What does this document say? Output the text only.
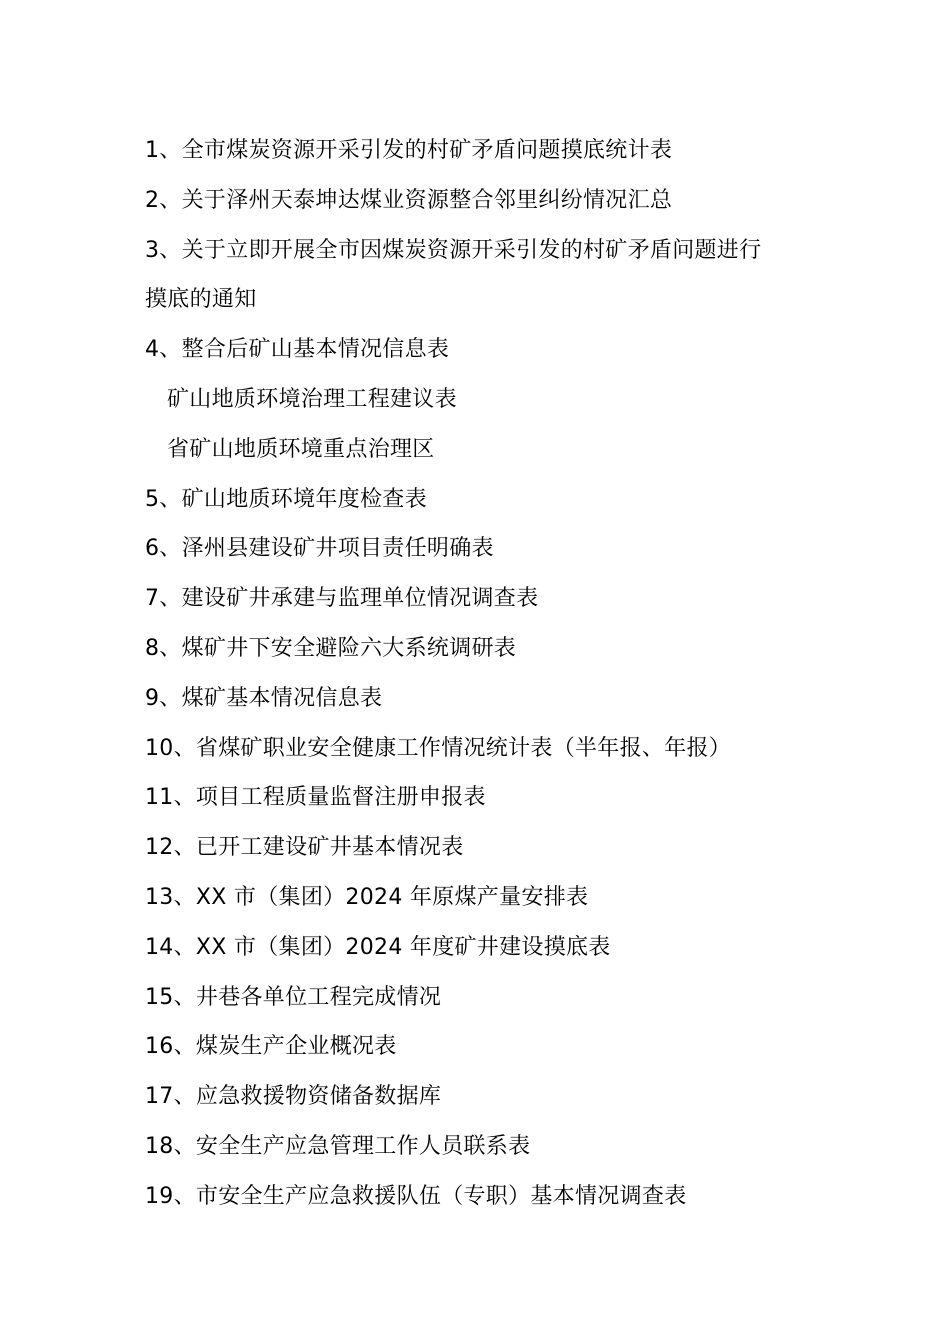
1、全市煤炭资源开采引发的村矿矛盾问题摸底统计表
2、关于泽州天泰坤达煤业资源整合邻里纠纷情况汇总
3、关于立即开展全市因煤炭资源开采引发的村矿矛盾问题进行
摸底的通知
4、整合后矿山基本情况信息表
矿山地质环境治理工程建议表
省矿山地质环境重点治理区
5、矿山地质环境年度检查表
6、泽州县建设矿井项目责任明确表
7、建设矿井承建与监理单位情况调查表
8、煤矿井下安全避险六大系统调研表
9、煤矿基本情况信息表
10、省煤矿职业安全健康工作情况统计表（半年报、年报）
11、项目工程质量监督注册申报表
12、已开工建设矿井基本情况表
13、XX 市（集团）2024 年原煤产量安排表
14、XX 市（集团）2024 年度矿井建设摸底表
15、井巷各单位工程完成情况
16、煤炭生产企业概况表
17、应急救援物资储备数据库
18、安全生产应急管理工作人员联系表
19、市安全生产应急救援队伍（专职）基本情况调查表
